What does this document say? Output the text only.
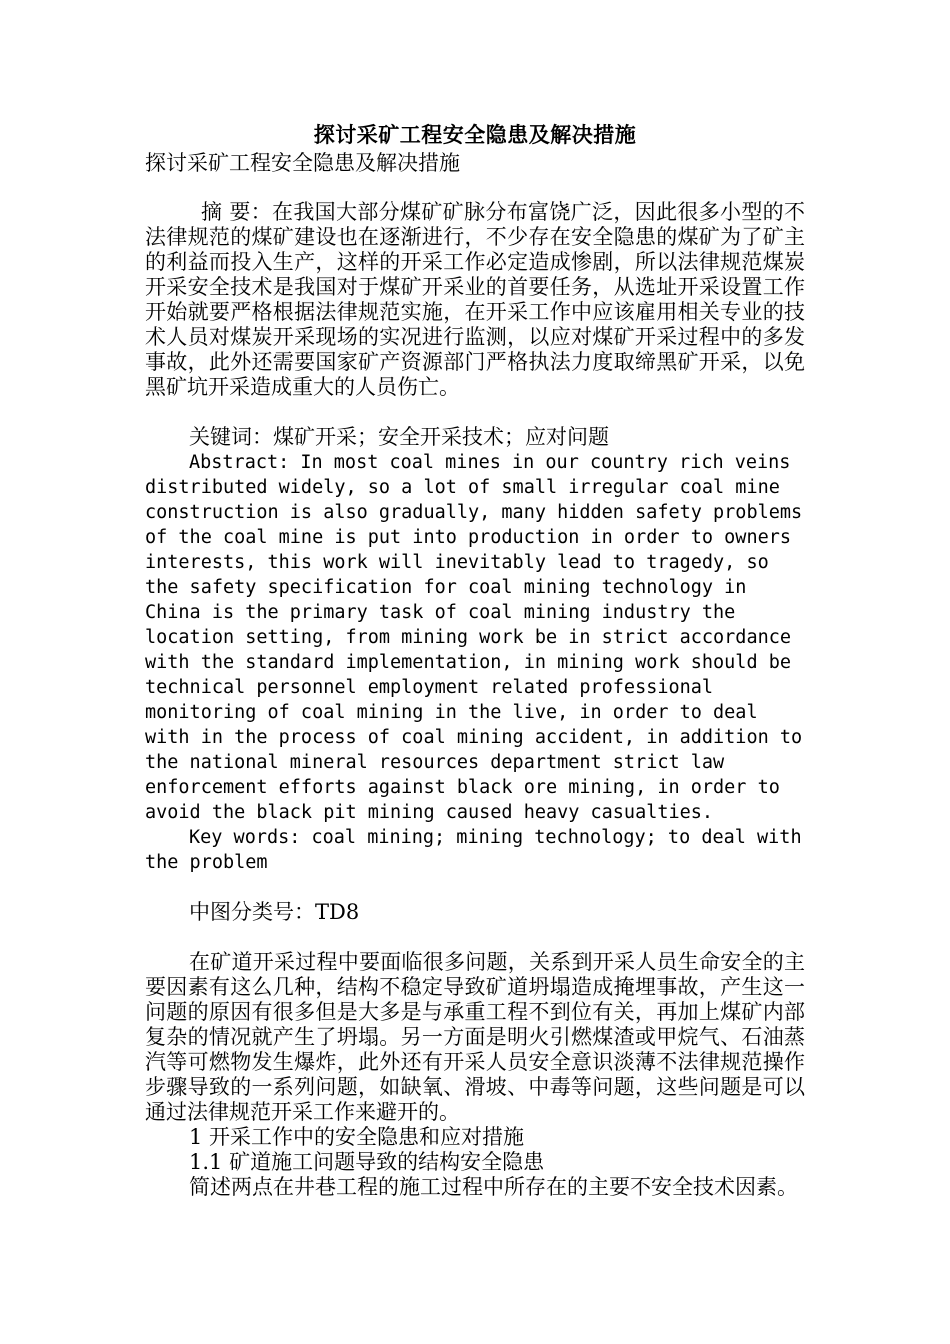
探讨采矿工程安全隐患及解决措施

探讨采矿工程安全隐患及解决措施

摘 要：在我国大部分煤矿矿脉分布富饶广泛，因此很多小型的不法律规范的煤矿建设也在逐渐进行，不少存在安全隐患的煤矿为了矿主的利益而投入生产，这样的开采工作必定造成惨剧，所以法律规范煤炭开采安全技术是我国对于煤矿开采业的首要任务，从选址开采设置工作开始就要严格根据法律规范实施，在开采工作中应该雇用相关专业的技术人员对煤炭开采现场的实况进行监测，以应对煤矿开采过程中的多发事故，此外还需要国家矿产资源部门严格执法力度取缔黑矿开采，以免黑矿坑开采造成重大的人员伤亡。

关键词：煤矿开采；安全开采技术；应对问题

Abstract: In most coal mines in our country rich veins distributed widely, so a lot of small irregular coal mine construction is also gradually, many hidden safety problems of the coal mine is put into production in order to owners interests, this work will inevitably lead to tragedy, so the safety specification for coal mining technology in China is the primary task of coal mining industry the location setting, from mining work be in strict accordance with the standard implementation, in mining work should be technical personnel employment related professional monitoring of coal mining in the live, in order to deal with in the process of coal mining accident, in addition to the national mineral resources department strict law enforcement efforts against black ore mining, in order to avoid the black pit mining caused heavy casualties.

Key words: coal mining; mining technology; to deal with the problem

中图分类号：TD8

在矿道开采过程中要面临很多问题，关系到开采人员生命安全的主要因素有这么几种，结构不稳定导致矿道坍塌造成掩埋事故，产生这一问题的原因有很多但是大多是与承重工程不到位有关，再加上煤矿内部复杂的情况就产生了坍塌。另一方面是明火引燃煤渣或甲烷气、石油蒸汽等可燃物发生爆炸，此外还有开采人员安全意识淡薄不法律规范操作步骤导致的一系列问题，如缺氧、滑坡、中毒等问题，这些问题是可以通过法律规范开采工作来避开的。

1 开采工作中的安全隐患和应对措施

1.1 矿道施工问题导致的结构安全隐患

简述两点在井巷工程的施工过程中所存在的主要不安全技术因素。
